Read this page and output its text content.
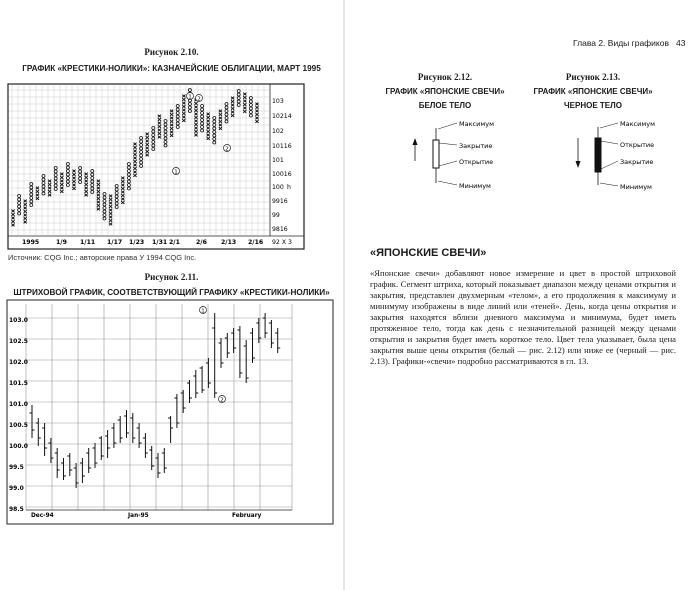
Рисунок 2.10.
ГРАФИК «КРЕСТИКИ-НОЛИКИ»: КАЗНАЧЕЙСКИЕ ОБЛИГАЦИИ, МАРТ 1995
103
10214
102
10116
101
10016
100 h
9916
99
9816
1995	1/9 1/11 1/17 1/23 1/31 2/1	2/6 2/13 2/16 92 X 3
1 2
1
2
Источник: CQG Inc.; авторские права У 1994 CQG Inc.
Рисунок 2.11.
ШТРИХОВОЙ ГРАФИК, СООТВЕТСТВУЮЩИЙ ГРАФИКУ «КРЕСТИКИ-НОЛИКИ»
103.0
102.5
102.0
101.5
101.0
100.5
100.0
99.5
99.0
98.5
Dec-94	Jan-95	February
1
2
Глава 2. Виды графиков 43
Рисунок 2.12.
ГРАФИК «ЯПОНСКИЕ СВЕЧИ»
БЕЛОЕ ТЕЛО
Рисунок 2.13.
ГРАФИК «ЯПОНСКИЕ СВЕЧИ»
ЧЕРНОЕ ТЕЛО
Максимум
Закрытие
Открытие
Минимум
Максимум
Открытие
Закрытие
Минимум
«ЯПОНСКИЕ СВЕЧИ»
«Японские свечи» добавляют новое измерение и цвет в простой штриховой график. Сегмент штриха, который показывает диапазон между ценами открытия и закрытия, представлен двухмерным «телом», а его продолжения к максимуму и минимуму изображены в виде линий или «теней». День, когда цены открытия и закрытия находятся вблизи дневного максимума и минимума, будет иметь протяженное тело, тогда как день с незначительной разницей между ценами открытия и закрытия будет иметь короткое тело. Цвет тела указывает, была цена закрытия выше цены открытия (белый — рис. 2.12) или ниже ее (черный — рис. 2.13). Графики-«свечи» подробно рассматриваются в гл. 13.
